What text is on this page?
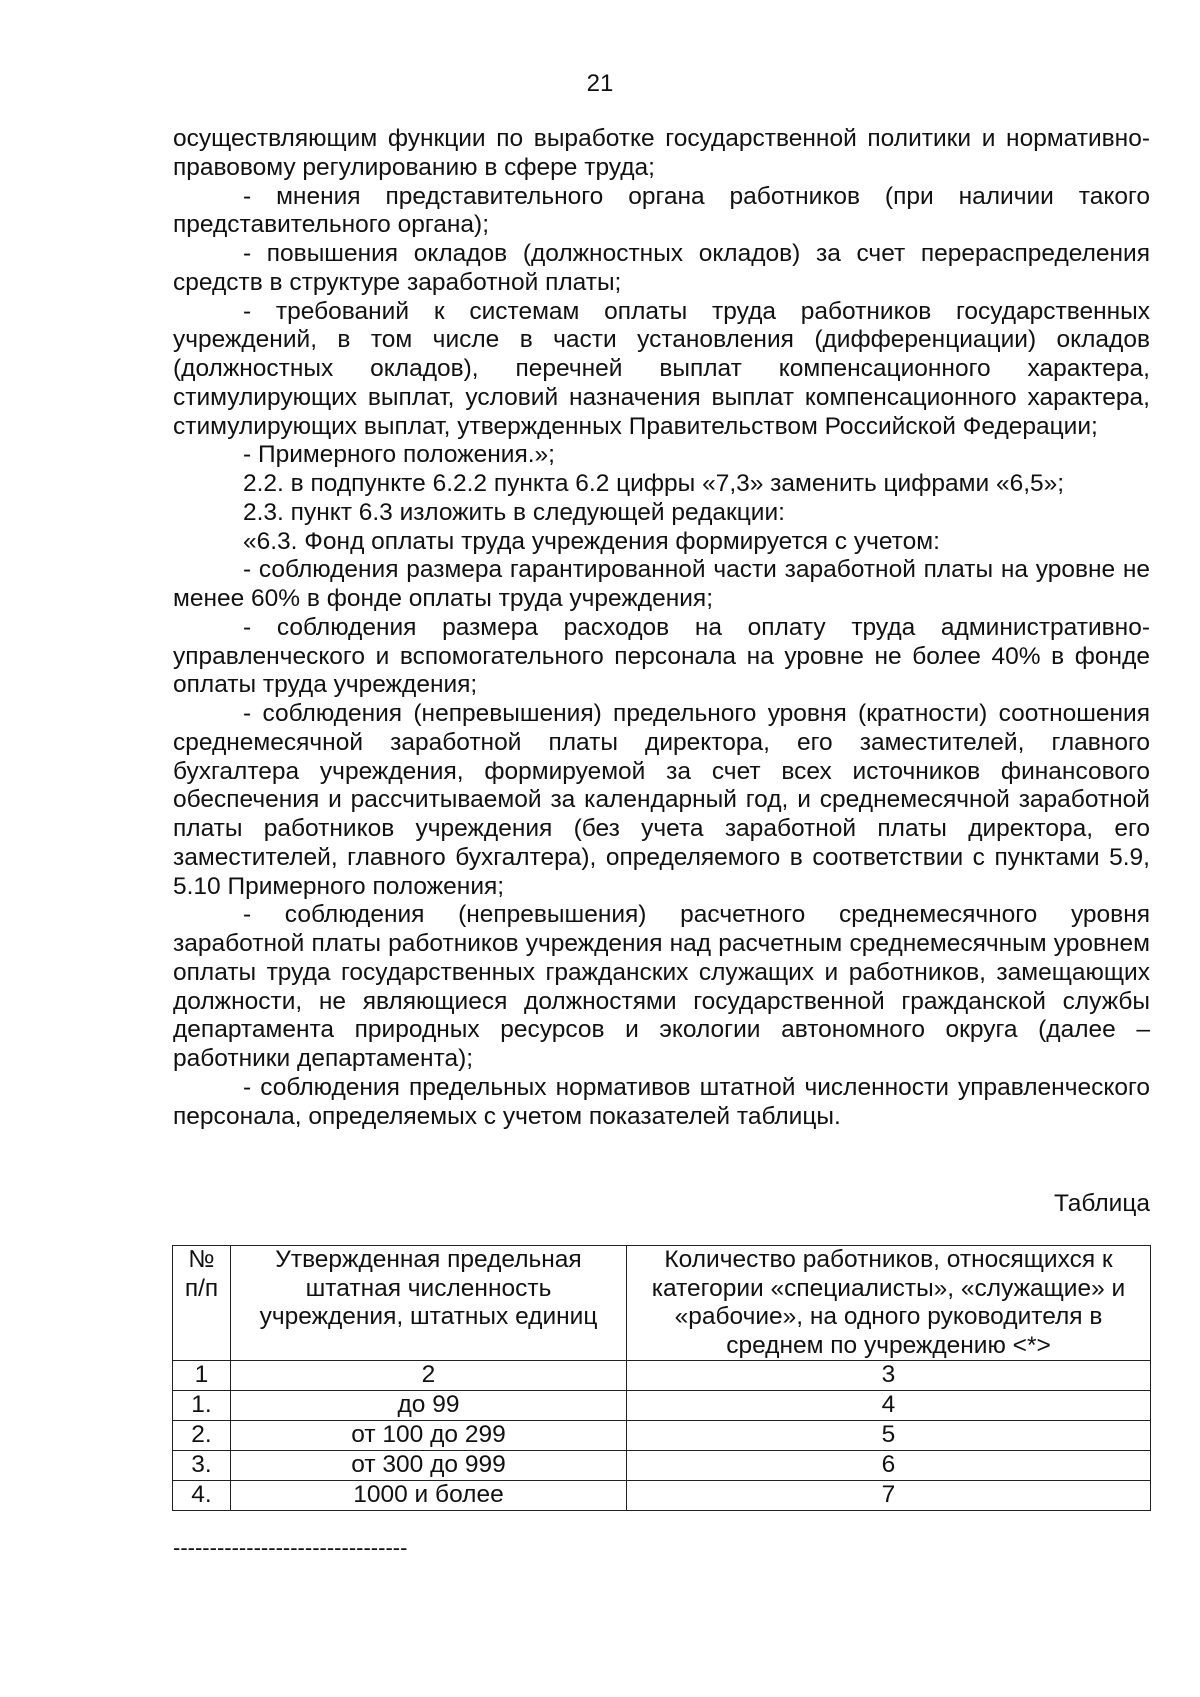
21

осуществляющим функции по выработке государственной политики и нормативно-правовому регулированию в сфере труда;

- мнения представительного органа работников (при наличии такого представительного органа);

- повышения окладов (должностных окладов) за счет перераспределения средств в структуре заработной платы;

- требований к системам оплаты труда работников государственных учреждений, в том числе в части установления (дифференциации) окладов (должностных окладов), перечней выплат компенсационного характера, стимулирующих выплат, условий назначения выплат компенсационного характера, стимулирующих выплат, утвержденных Правительством Российской Федерации;

- Примерного положения.»;

2.2. в подпункте 6.2.2 пункта 6.2 цифры «7,3» заменить цифрами «6,5»;

2.3. пункт 6.3 изложить в следующей редакции:

«6.3. Фонд оплаты труда учреждения формируется с учетом:

- соблюдения размера гарантированной части заработной платы на уровне не менее 60% в фонде оплаты труда учреждения;

- соблюдения размера расходов на оплату труда административно-управленческого и вспомогательного персонала на уровне не более 40% в фонде оплаты труда учреждения;

- соблюдения (непревышения) предельного уровня (кратности) соотношения среднемесячной заработной платы директора, его заместителей, главного бухгалтера учреждения, формируемой за счет всех источников финансового обеспечения и рассчитываемой за календарный год, и среднемесячной заработной платы работников учреждения (без учета заработной платы директора, его заместителей, главного бухгалтера), определяемого в соответствии с пунктами 5.9, 5.10 Примерного положения;

- соблюдения (непревышения) расчетного среднемесячного уровня заработной платы работников учреждения над расчетным среднемесячным уровнем оплаты труда государственных гражданских служащих и работников, замещающих должности, не являющиеся должностями государственной гражданской службы департамента природных ресурсов и экологии автономного округа (далее – работники департамента);

- соблюдения предельных нормативов штатной численности управленческого персонала, определяемых с учетом показателей таблицы.

Таблица
№ п/п	Утвержденная предельная штатная численность учреждения, штатных единиц	Количество работников, относящихся к категории «специалисты», «служащие» и «рабочие», на одного руководителя в среднем по учреждению <*>
1	2	3
1.	до 99	4
2.	от 100 до 299	5
3.	от 300 до 999	6
4.	1000 и более	7
--------------------------------
